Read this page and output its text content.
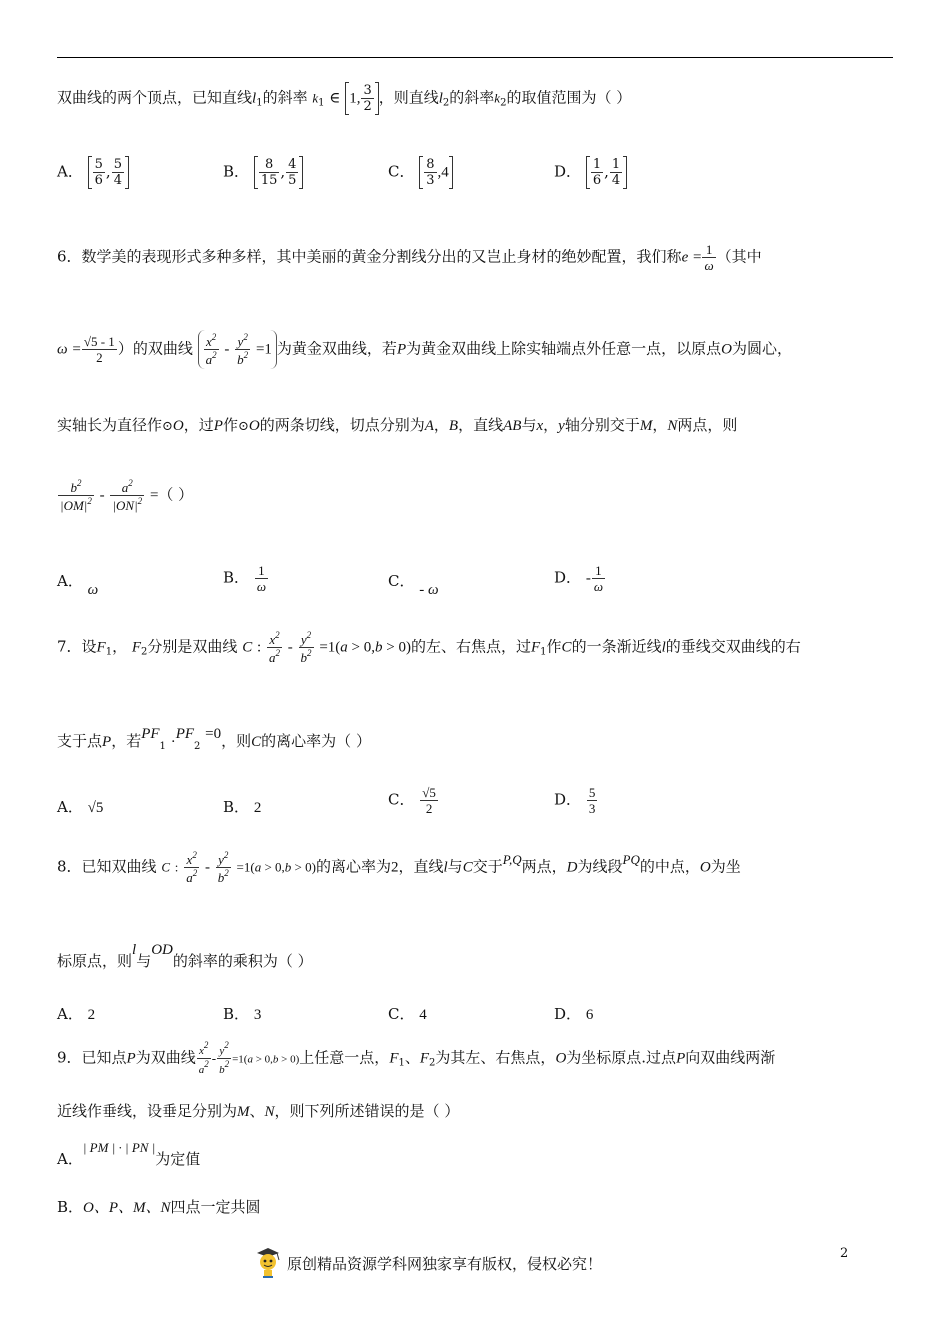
双曲线的两个顶点，已知直线$l_1$的斜率 $k_1$ ∈ 1, $\frac{3}{2}$ ，则直线$l_2$的斜率$k_2$的取值范围为（ ）
A． $\frac{5}{6}$ , $\frac{5}{4}$	B． $\frac{8}{15}$ , $\frac{4}{5}$	C． $\frac{8}{3} ,4$	D． $\frac{1}{6}$ , $\frac{1}{4}$
6．数学美的表现形式多种多样，其中美丽的黄金分割线分出的又岂止身材的绝妙配置，我们称$e = \frac{1}{\omega}$ （其中
$\omega = \frac{√5 - 1}{2}$ ）的双曲线 $\frac{x^2}{a^2} - \frac{y^2}{b^2} =1$ 为黄金双曲线，若P为黄金双曲线上除实轴端点外任意一点，以原点O为圆心，
实轴长为直径作⊙O，过P作⊙O的两条切线，切点分别为A，B，直线AB与x，y轴分别交于M，N两点，则
$\frac{b^2}{|OM|^2} - \frac{a^2}{|ON|^2}$ =（ ）
A． ω
B． $\frac{1}{\omega}$	C． - ω
D． - $\frac{1}{\omega}$
7．设$F_1$， $F_2$分别是双曲线 C : $\frac{x^2}{a^2} - \frac{y^2}{b^2} =1(a > 0,b > 0)$的左、右焦点，过$F_1$作C的一条渐近线l的垂线交双曲线的右
支于点P，若$PF_1 \cdot PF_2 =0$，则C的离心率为（ ）
A． √5	B． 2	C． $\frac{√5}{2}$	D． $\frac{5}{3}$
8．已知双曲线 C : $\frac{x^2}{a^2} - \frac{y^2}{b^2} =1(a > 0,b > 0)$的离心率为2，直线l与C交于P,Q两点，D为线段PQ的中点，O为坐
标原点，则l与OD的斜率的乘积为（ ）
A． 2	B． 3	C． 4	D． 6
9．已知点P为双曲线 $\frac{x^2}{a^2} - \frac{y^2}{b^2} =1(a > 0,b > 0)$上任意一点，$F_1$、$F_2$为其左、右焦点，O为坐标原点.过点P向双曲线两渐
近线作垂线，设垂足分别为M、N，则下列所述错误的是（ ）
A．| PM | · | PN |为定值
B．O、P、M、N四点一定共圆
原创精品资源学科网独家享有版权，侵权必究！
2
